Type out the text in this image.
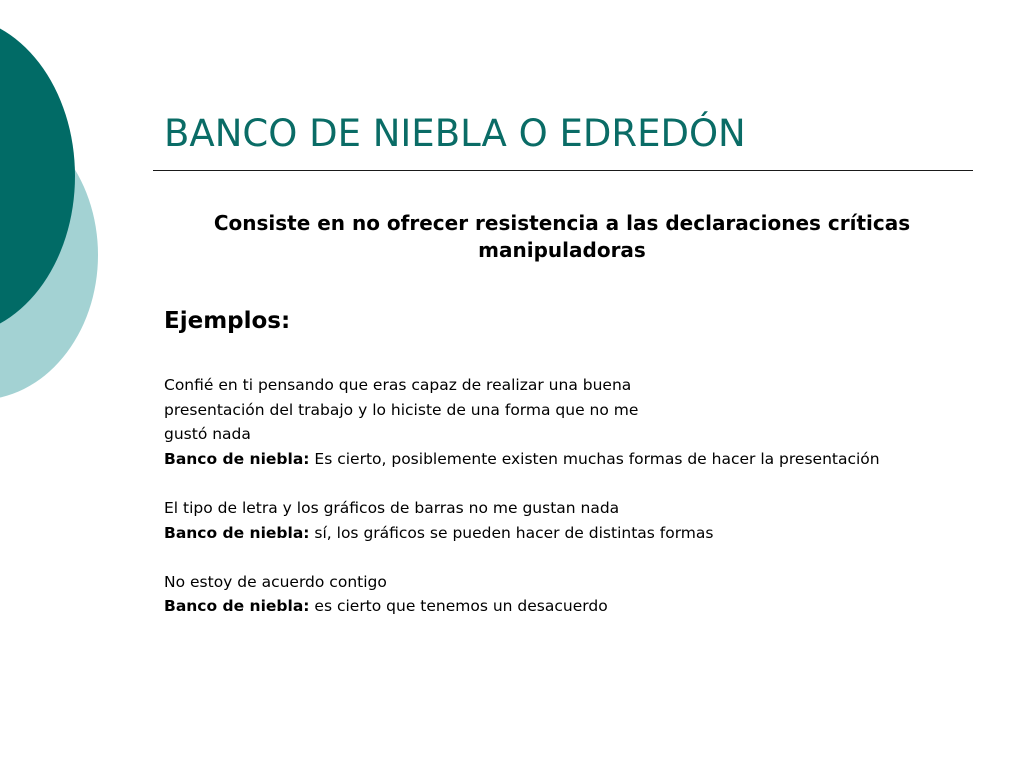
BANCO DE NIEBLA O EDREDÓN

Consiste en no ofrecer resistencia a las declaraciones críticas manipuladoras

Ejemplos:
Confié en ti pensando que eras capaz de realizar una buena
presentación del trabajo y lo hiciste de una forma que no me
gustó nada
Banco de niebla: Es cierto, posiblemente existen muchas formas de hacer la presentación
El tipo de letra y los gráficos de barras no me gustan nada
Banco de niebla: sí, los gráficos se pueden hacer de distintas formas
No estoy de acuerdo contigo
Banco de niebla: es cierto que tenemos un desacuerdo
